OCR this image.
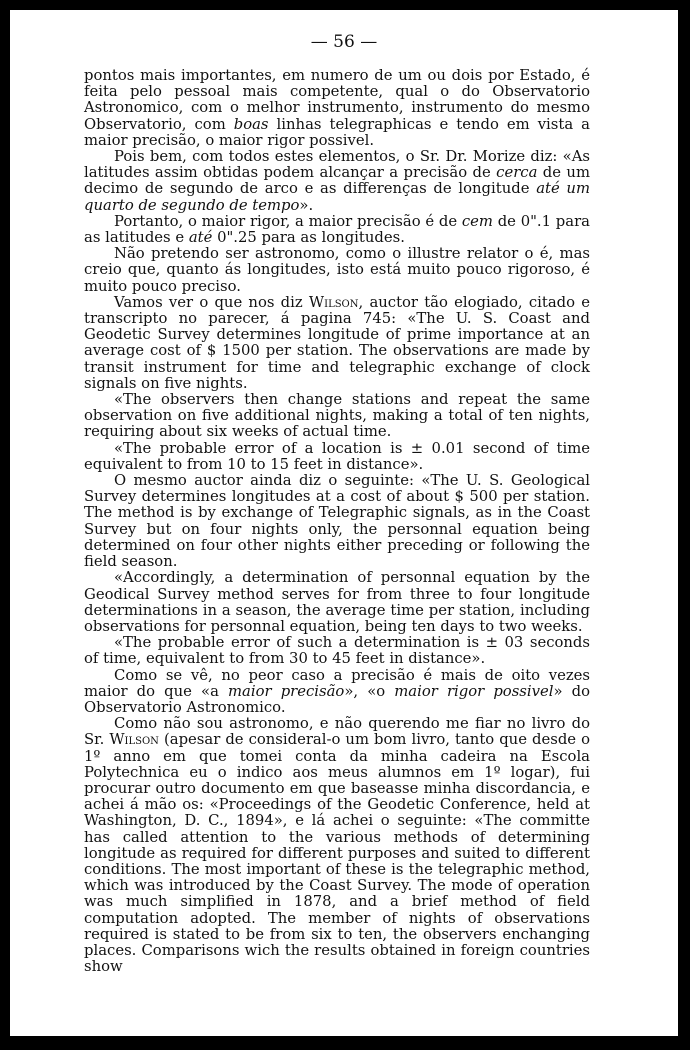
— 56 —

pontos mais importantes, em numero de um ou dois por Estado, é feita pelo pessoal mais competente, qual o do Observatorio Astronomico, com o melhor instrumento, instrumento do mesmo Observatorio, com boas linhas telegraphicas e tendo em vista a maior precisão, o maior rigor possivel.

Pois bem, com todos estes elementos, o Sr. Dr. Morize diz: «As latitudes assim obtidas podem alcançar a precisão de cerca de um decimo de segundo de arco e as differenças de longitude até um quarto de segundo de tempo».

Portanto, o maior rigor, a maior precisão é de cem de 0".1 para as latitudes e até 0".25 para as longitudes.

Não pretendo ser astronomo, como o illustre relator o é, mas creio que, quanto ás longitudes, isto está muito pouco rigoroso, é muito pouco preciso.

Vamos ver o que nos diz Wilson, auctor tão elogiado, citado e transcripto no parecer, á pagina 745: «The U. S. Coast and Geodetic Survey determines longitude of prime importance at an average cost of $ 1500 per station. The observations are made by transit instrument for time and telegraphic exchange of clock signals on five nights.

«The observers then change stations and repeat the same observation on five additional nights, making a total of ten nights, requiring about six weeks of actual time.

«The probable error of a location is ± 0.01 second of time equivalent to from 10 to 15 feet in distance».

O mesmo auctor ainda diz o seguinte: «The U. S. Geological Survey determines longitudes at a cost of about $ 500 per station. The method is by exchange of Telegraphic signals, as in the Coast Survey but on four nights only, the personnal equation being determined on four other nights either preceding or following the field season.

«Accordingly, a determination of personnal equation by the Geodical Survey method serves for from three to four longitude determinations in a season, the average time per station, including observations for personnal equation, being ten days to two weeks.

«The probable error of such a determination is ± 03 seconds of time, equivalent to from 30 to 45 feet in distance».

Como se vê, no peor caso a precisão é mais de oito vezes maior do que «a maior precisão», «o maior rigor possivel» do Observatorio Astronomico.

Como não sou astronomo, e não querendo me fiar no livro do Sr. Wilson (apesar de consideral-o um bom livro, tanto que desde o 1º anno em que tomei conta da minha cadeira na Escola Polytechnica eu o indico aos meus alumnos em 1º logar), fui procurar outro documento em que baseasse minha discordancia, e achei á mão os: «Proceedings of the Geodetic Conference, held at Washington, D. C., 1894», e lá achei o seguinte: «The committe has called attention to the various methods of determining longitude as required for different purposes and suited to different conditions. The most important of these is the telegraphic method, which was introduced by the Coast Survey. The mode of operation was much simplified in 1878, and a brief method of field computation adopted. The member of nights of observations required is stated to be from six to ten, the observers enchanging places. Comparisons wich the results obtained in foreign countries show
